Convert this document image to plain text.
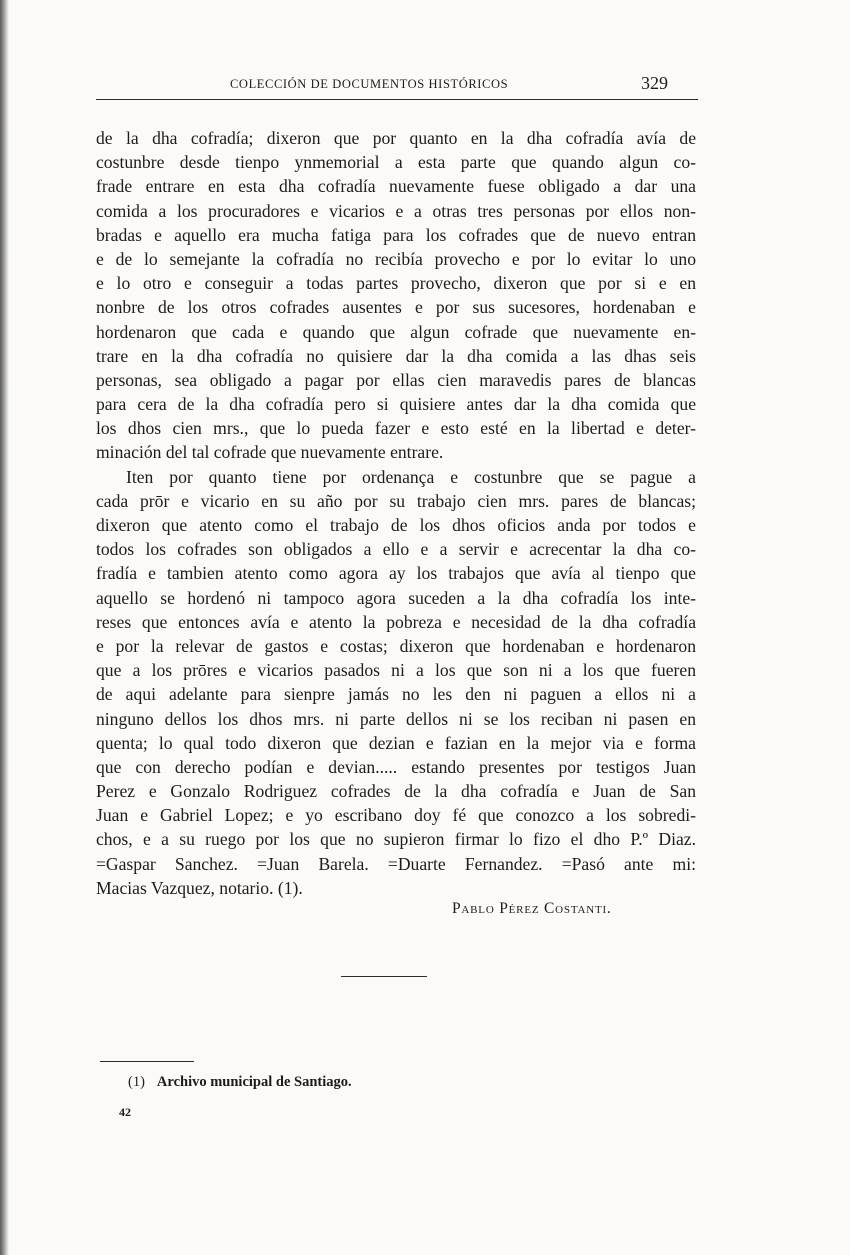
COLECCIÓN DE DOCUMENTOS HISTÓRICOS	329
de la dha cofradía; dixeron que por quanto en la dha cofradía avía de
costunbre desde tienpo ynmemorial a esta parte que quando algun co-
frade entrare en esta dha cofradía nuevamente fuese obligado a dar una
comida a los procuradores e vicarios e a otras tres personas por ellos non-
bradas e aquello era mucha fatiga para los cofrades que de nuevo entran
e de lo semejante la cofradía no recibía provecho e por lo evitar lo uno
e lo otro e conseguir a todas partes provecho, dixeron que por si e en
nonbre de los otros cofrades ausentes e por sus sucesores, hordenaban e
hordenaron que cada e quando que algun cofrade que nuevamente en-
trare en la dha cofradía no quisiere dar la dha comida a las dhas seis
personas, sea obligado a pagar por ellas cien maravedis pares de blancas
para cera de la dha cofradía pero si quisiere antes dar la dha comida que
los dhos cien mrs., que lo pueda fazer e esto esté en la libertad e deter-
minación del tal cofrade que nuevamente entrare.
Iten por quanto tiene por ordenança e costunbre que se pague a
cada prōr e vicario en su año por su trabajo cien mrs. pares de blancas;
dixeron que atento como el trabajo de los dhos oficios anda por todos e
todos los cofrades son obligados a ello e a servir e acrecentar la dha co-
fradía e tambien atento como agora ay los trabajos que avía al tienpo que
aquello se hordenó ni tampoco agora suceden a la dha cofradía los inte-
reses que entonces avía e atento la pobreza e necesidad de la dha cofradía
e por la relevar de gastos e costas; dixeron que hordenaban e hordenaron
que a los prōres e vicarios pasados ni a los que son ni a los que fueren
de aqui adelante para sienpre jamás no les den ni paguen a ellos ni a
ninguno dellos los dhos mrs. ni parte dellos ni se los reciban ni pasen en
quenta; lo qual todo dixeron que dezian e fazian en la mejor via e forma
que con derecho podían e devian..... estando presentes por testigos Juan
Perez e Gonzalo Rodriguez cofrades de la dha cofradía e Juan de San
Juan e Gabriel Lopez; e yo escribano doy fé que conozco a los sobredi-
chos, e a su ruego por los que no supieron firmar lo fizo el dho P.º Diaz.
=Gaspar Sanchez. =Juan Barela. =Duarte Fernandez. =Pasó ante mi:
Macias Vazquez, notario. (1).
Pablo Pérez Costanti.
(1) Archivo municipal de Santiago.
42
